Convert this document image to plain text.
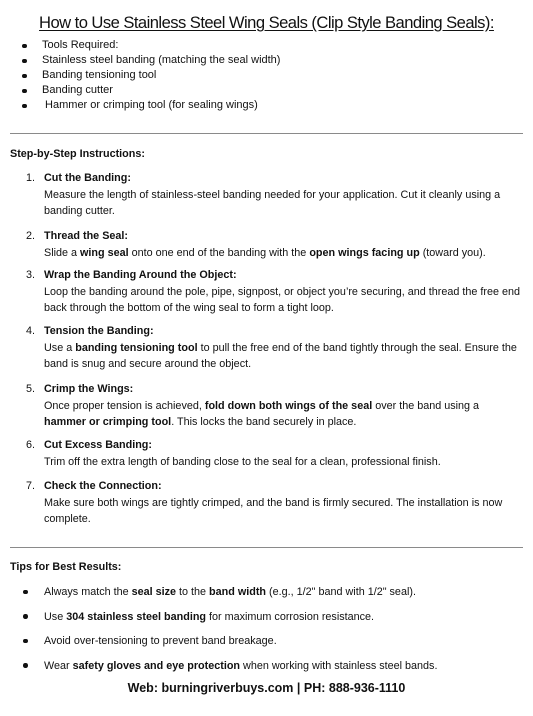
How to Use Stainless Steel Wing Seals (Clip Style Banding Seals):
Tools Required:
Stainless steel banding (matching the seal width)
Banding tensioning tool
Banding cutter
Hammer or crimping tool (for sealing wings)
Step-by-Step Instructions:
1. Cut the Banding:
Measure the length of stainless-steel banding needed for your application. Cut it cleanly using a banding cutter.
2. Thread the Seal:
Slide a wing seal onto one end of the banding with the open wings facing up (toward you).
3. Wrap the Banding Around the Object:
Loop the banding around the pole, pipe, signpost, or object you’re securing, and thread the free end back through the bottom of the wing seal to form a tight loop.
4. Tension the Banding:
Use a banding tensioning tool to pull the free end of the band tightly through the seal. Ensure the band is snug and secure around the object.
5. Crimp the Wings:
Once proper tension is achieved, fold down both wings of the seal over the band using a hammer or crimping tool. This locks the band securely in place.
6. Cut Excess Banding:
Trim off the extra length of banding close to the seal for a clean, professional finish.
7. Check the Connection:
Make sure both wings are tightly crimped, and the band is firmly secured. The installation is now complete.
Tips for Best Results:
Always match the seal size to the band width (e.g., 1/2" band with 1/2" seal).
Use 304 stainless steel banding for maximum corrosion resistance.
Avoid over-tensioning to prevent band breakage.
Wear safety gloves and eye protection when working with stainless steel bands.
Web: burningriverbuys.com | PH: 888-936-1110
